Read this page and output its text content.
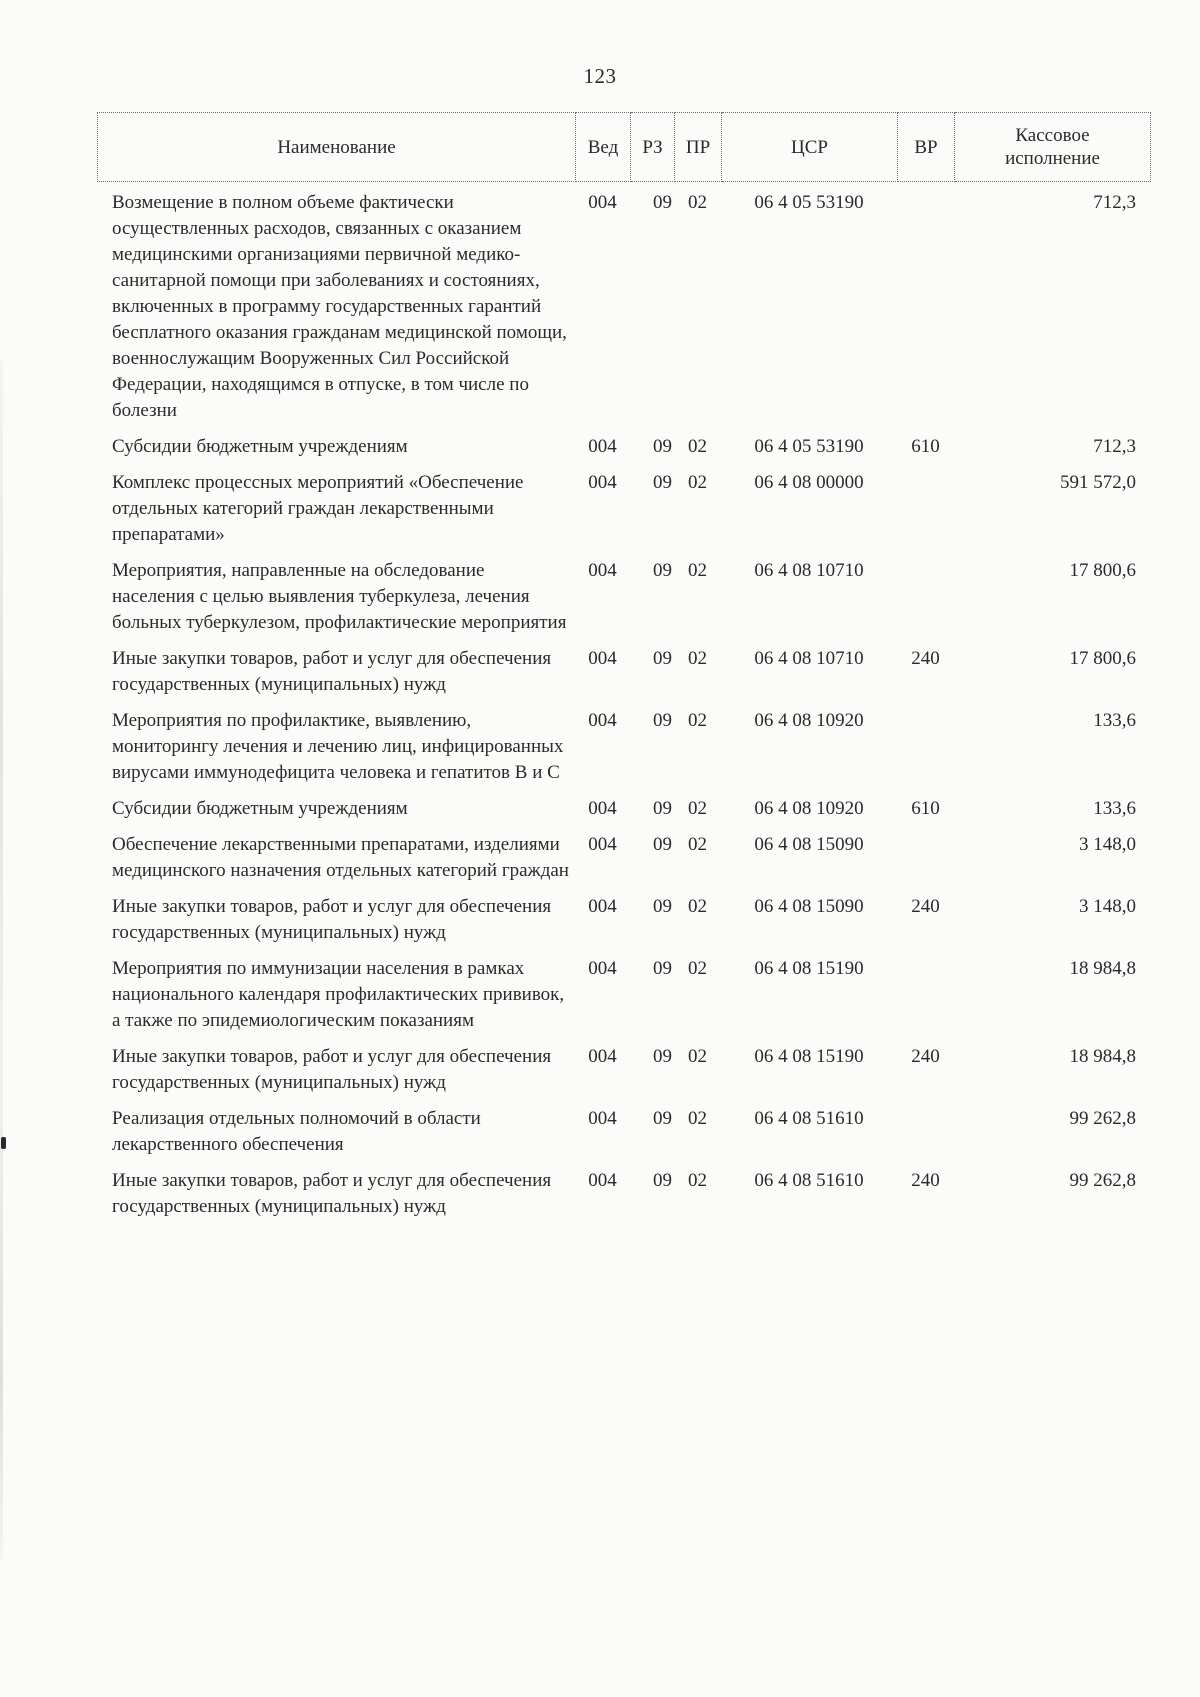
123
Наименование	Вед	РЗ	ПР	ЦСР	ВР	Кассовое исполнение
Возмещение в полном объеме фактически осуществленных расходов, связанных с оказанием медицинскими организациями первичной медико-санитарной помощи при заболеваниях и состояниях, включенных в программу государственных гарантий бесплатного оказания гражданам медицинской помощи, военнослужащим Вооруженных Сил Российской Федерации, находящимся в отпуске, в том числе по болезни	004	09	02	06 4 05 53190		712,3
Субсидии бюджетным учреждениям	004	09	02	06 4 05 53190	610	712,3
Комплекс процессных мероприятий «Обеспечение отдельных категорий граждан лекарственными препаратами»	004	09	02	06 4 08 00000		591 572,0
Мероприятия, направленные на обследование населения с целью выявления туберкулеза, лечения больных туберкулезом, профилактические мероприятия	004	09	02	06 4 08 10710		17 800,6
Иные закупки товаров, работ и услуг для обеспечения государственных (муниципальных) нужд	004	09	02	06 4 08 10710	240	17 800,6
Мероприятия по профилактике, выявлению, мониторингу лечения и лечению лиц, инфицированных вирусами иммунодефицита человека и гепатитов В и С	004	09	02	06 4 08 10920		133,6
Субсидии бюджетным учреждениям	004	09	02	06 4 08 10920	610	133,6
Обеспечение лекарственными препаратами, изделиями медицинского назначения отдельных категорий граждан	004	09	02	06 4 08 15090		3 148,0
Иные закупки товаров, работ и услуг для обеспечения государственных (муниципальных) нужд	004	09	02	06 4 08 15090	240	3 148,0
Мероприятия по иммунизации населения в рамках национального календаря профилактических прививок, а также по эпидемиологическим показаниям	004	09	02	06 4 08 15190		18 984,8
Иные закупки товаров, работ и услуг для обеспечения государственных (муниципальных) нужд	004	09	02	06 4 08 15190	240	18 984,8
Реализация отдельных полномочий в области лекарственного обеспечения	004	09	02	06 4 08 51610		99 262,8
Иные закупки товаров, работ и услуг для обеспечения государственных (муниципальных) нужд	004	09	02	06 4 08 51610	240	99 262,8
